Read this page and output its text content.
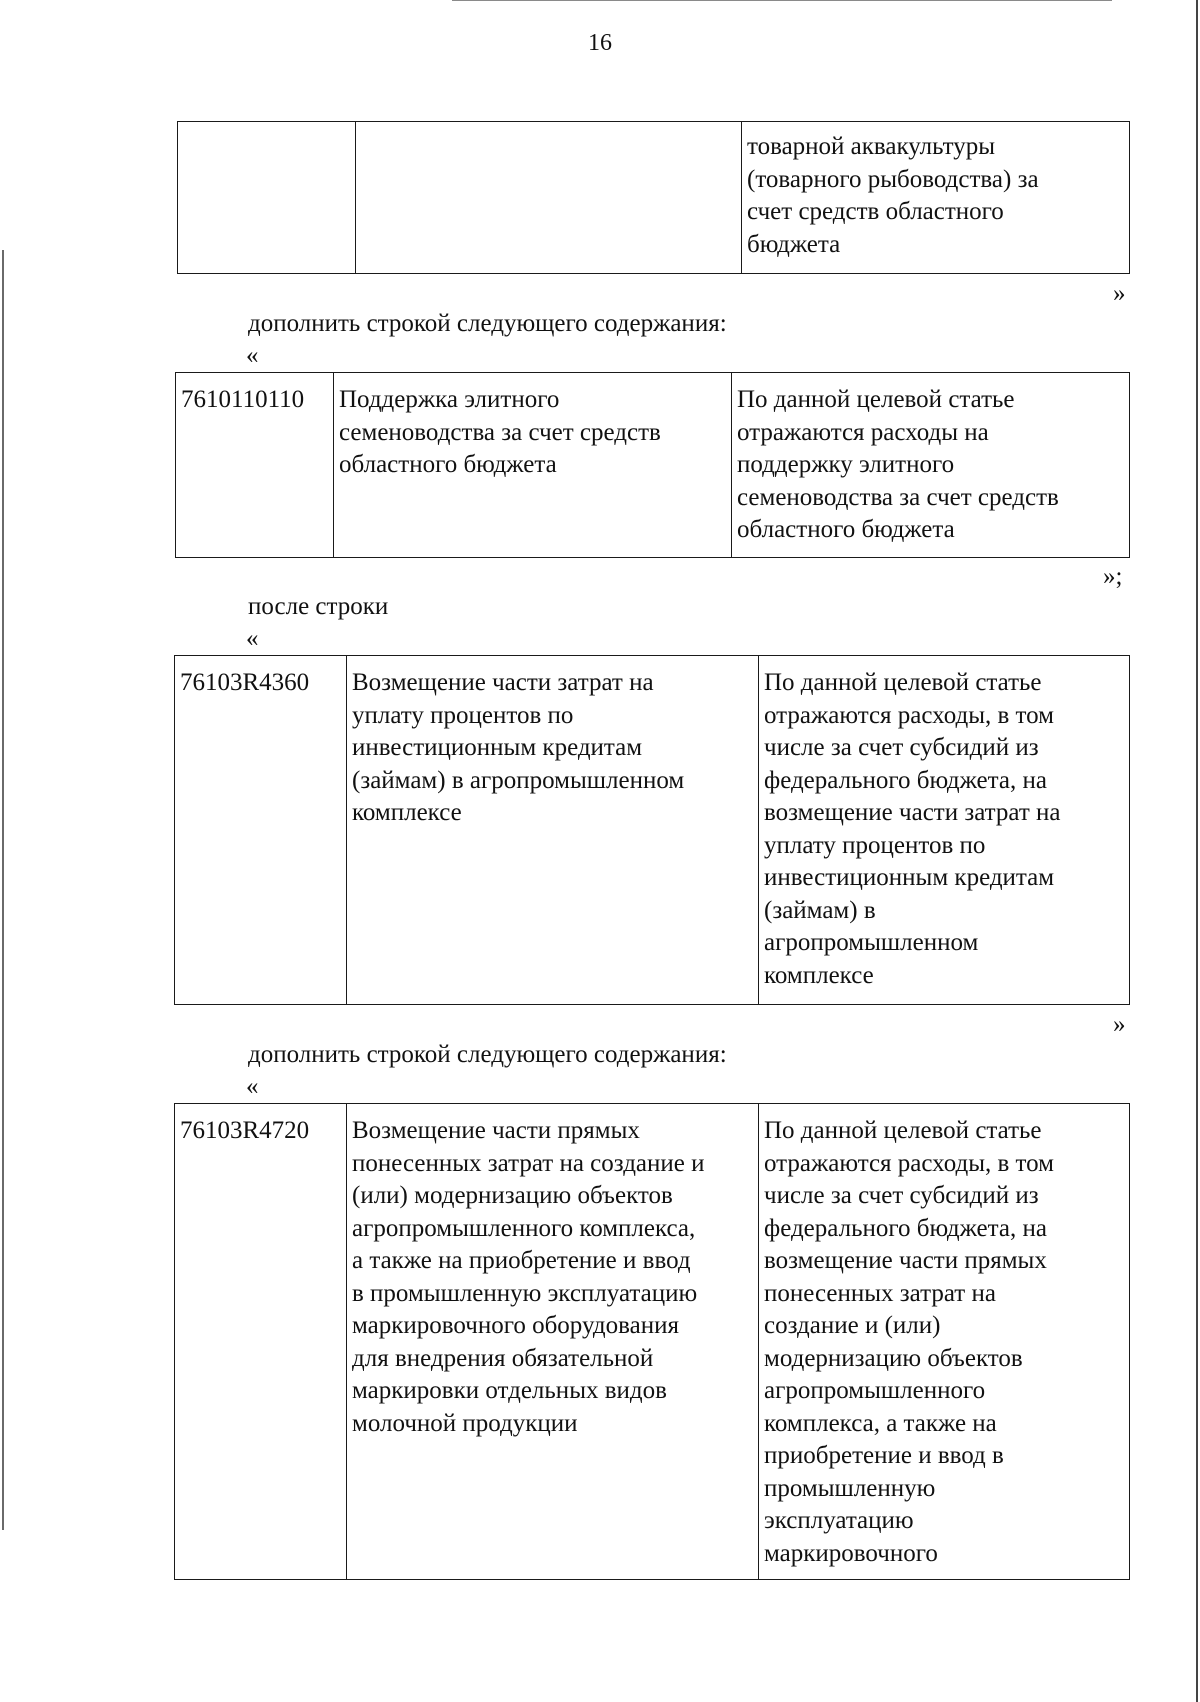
16
		товарной аквакультуры
(товарного рыбоводства) за
счет средств областного
бюджета
»
дополнить строкой следующего содержания:
«
7610110110	Поддержка элитного
семеноводства за счет средств
областного бюджета	По данной целевой статье
отражаются расходы на
поддержку элитного
семеноводства за счет средств
областного бюджета
»;
после строки
«
76103R4360	Возмещение части затрат на
уплату процентов по
инвестиционным кредитам
(займам) в агропромышленном
комплексе	По данной целевой статье
отражаются расходы, в том
числе за счет субсидий из
федерального бюджета, на
возмещение части затрат на
уплату процентов по
инвестиционным кредитам
(займам) в
агропромышленном
комплексе
»
дополнить строкой следующего содержания:
«
76103R4720	Возмещение части прямых
понесенных затрат на создание и
(или) модернизацию объектов
агропромышленного комплекса,
а также на приобретение и ввод
в промышленную эксплуатацию
маркировочного оборудования
для внедрения обязательной
маркировки отдельных видов
молочной продукции	По данной целевой статье
отражаются расходы, в том
числе за счет субсидий из
федерального бюджета, на
возмещение части прямых
понесенных затрат на
создание и (или)
модернизацию объектов
агропромышленного
комплекса, а также на
приобретение и ввод в
промышленную
эксплуатацию
маркировочного
